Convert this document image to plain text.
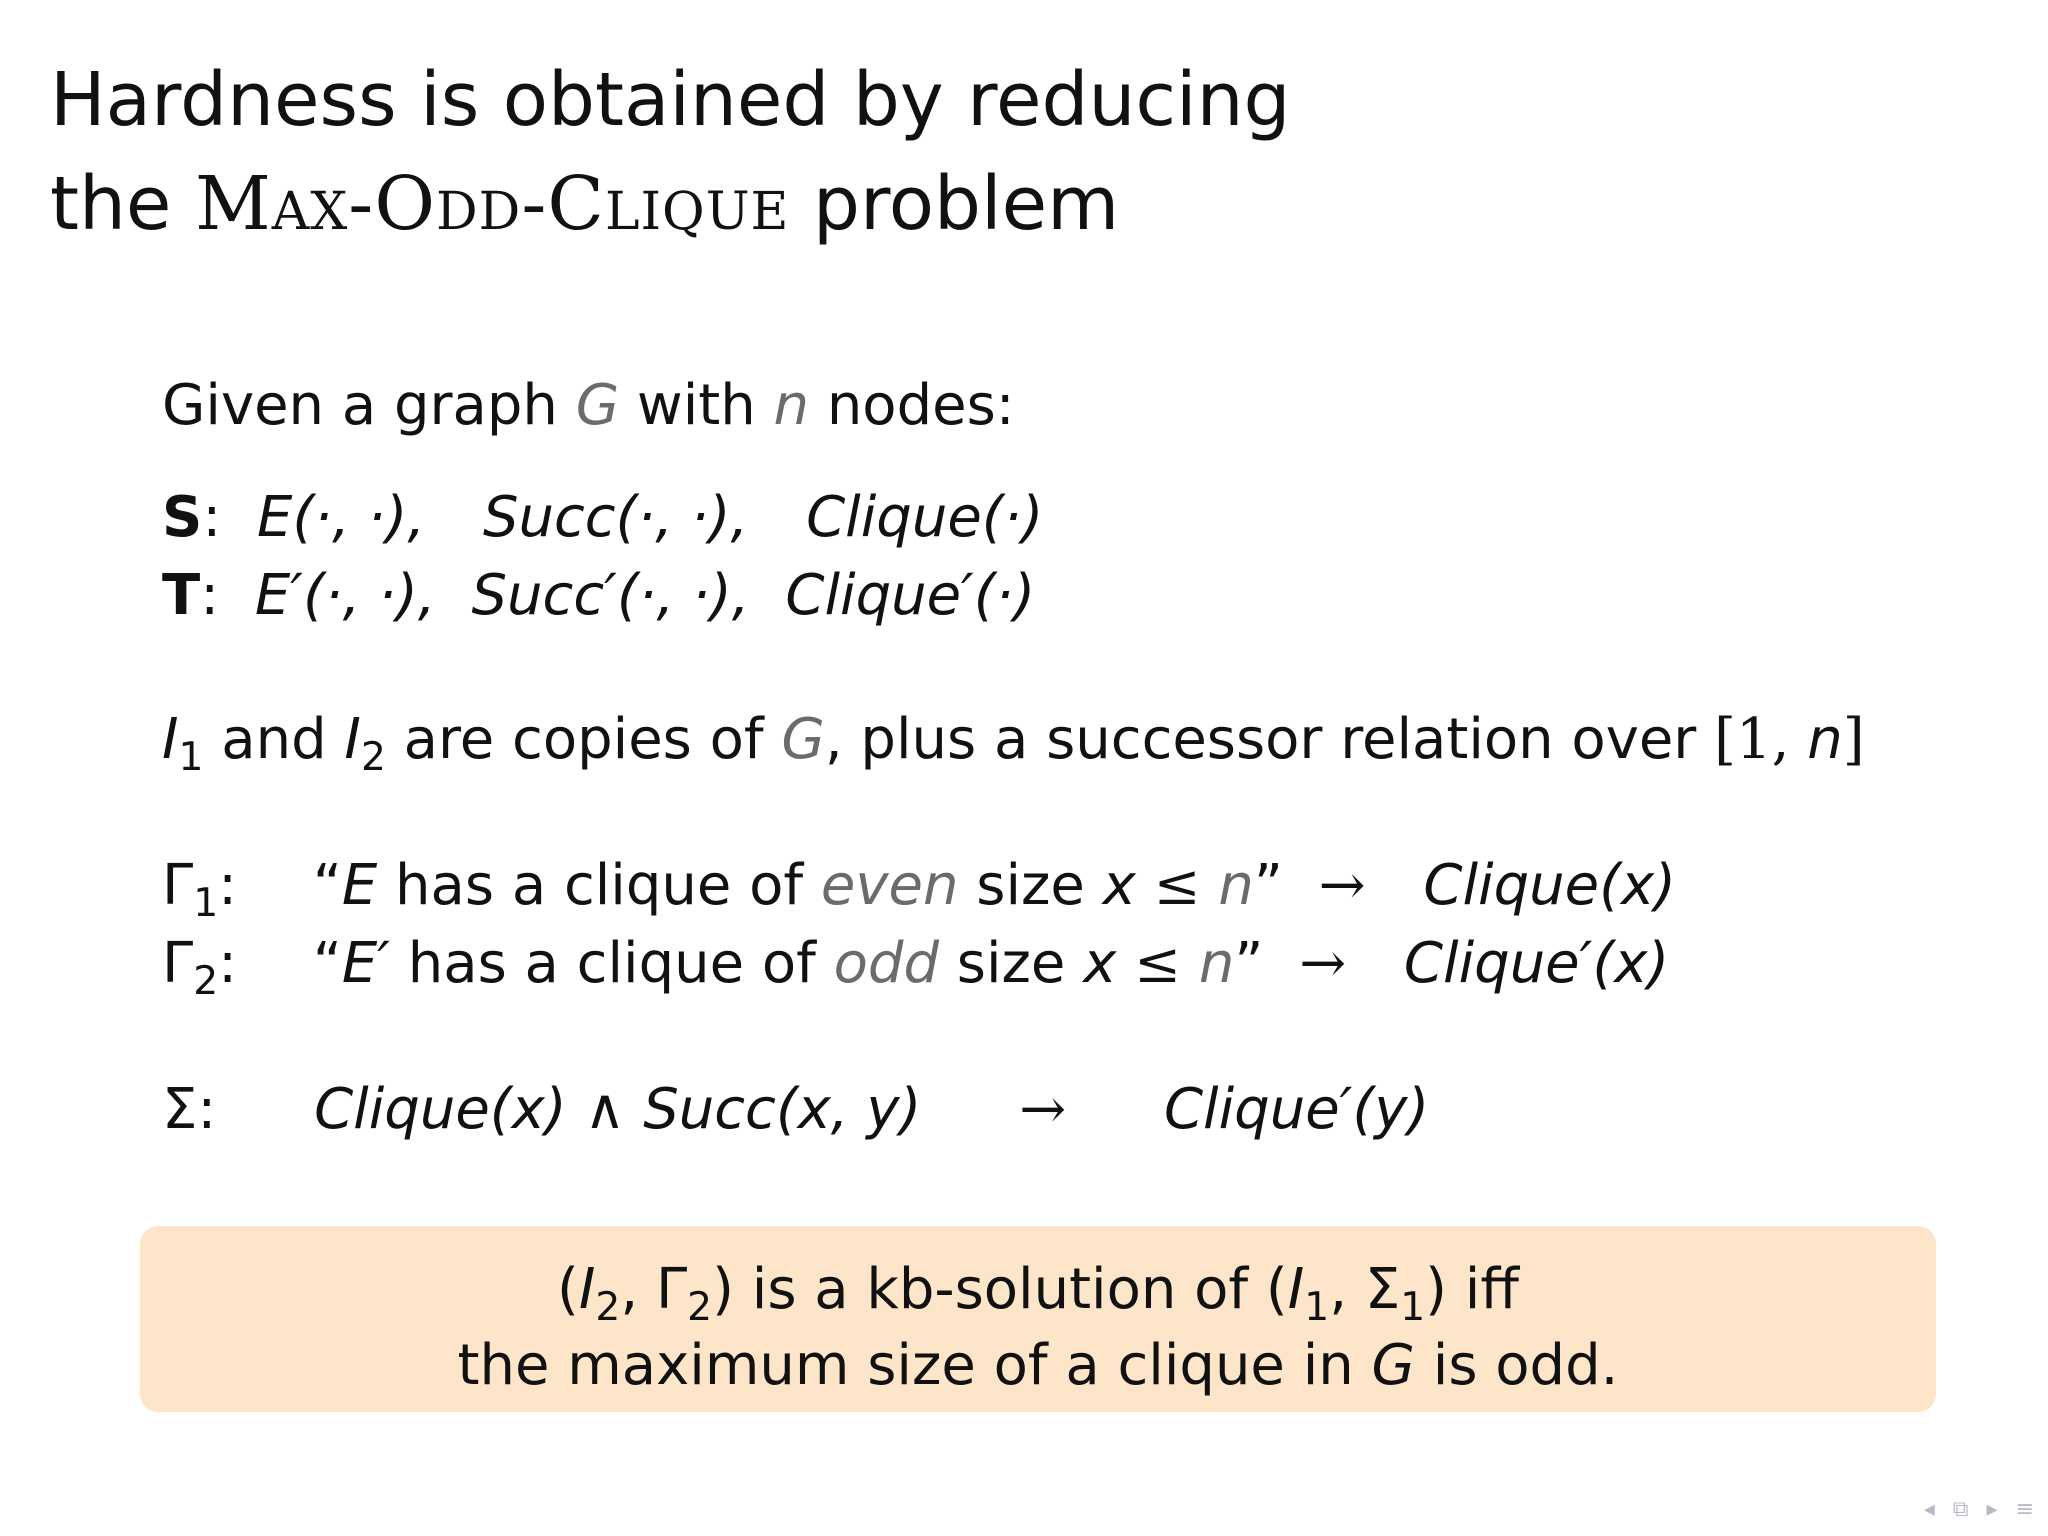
Hardness is obtained by reducing
the Max-Odd-Clique problem
Given a graph G with n nodes:
S: E(·, ·), Succ(·, ·), Clique(·)
T: E′(·, ·), Succ′(·, ·), Clique′(·)
$I_1$ and $I_2$ are copies of G, plus a successor relation over [1, n]
$\Gamma_1$: “E has a clique of even size x ≤ n” → Clique(x)
$\Gamma_2$: “E′ has a clique of odd size x ≤ n” → Clique′(x)
Σ: Clique(x) ∧ Succ(x, y) → Clique′(y)
($I_2$, $\Gamma_2$) is a kb-solution of ($I_1$, $\Sigma_1$) iff
the maximum size of a clique in G is odd.
◂ ⧉ ▸ ≡
